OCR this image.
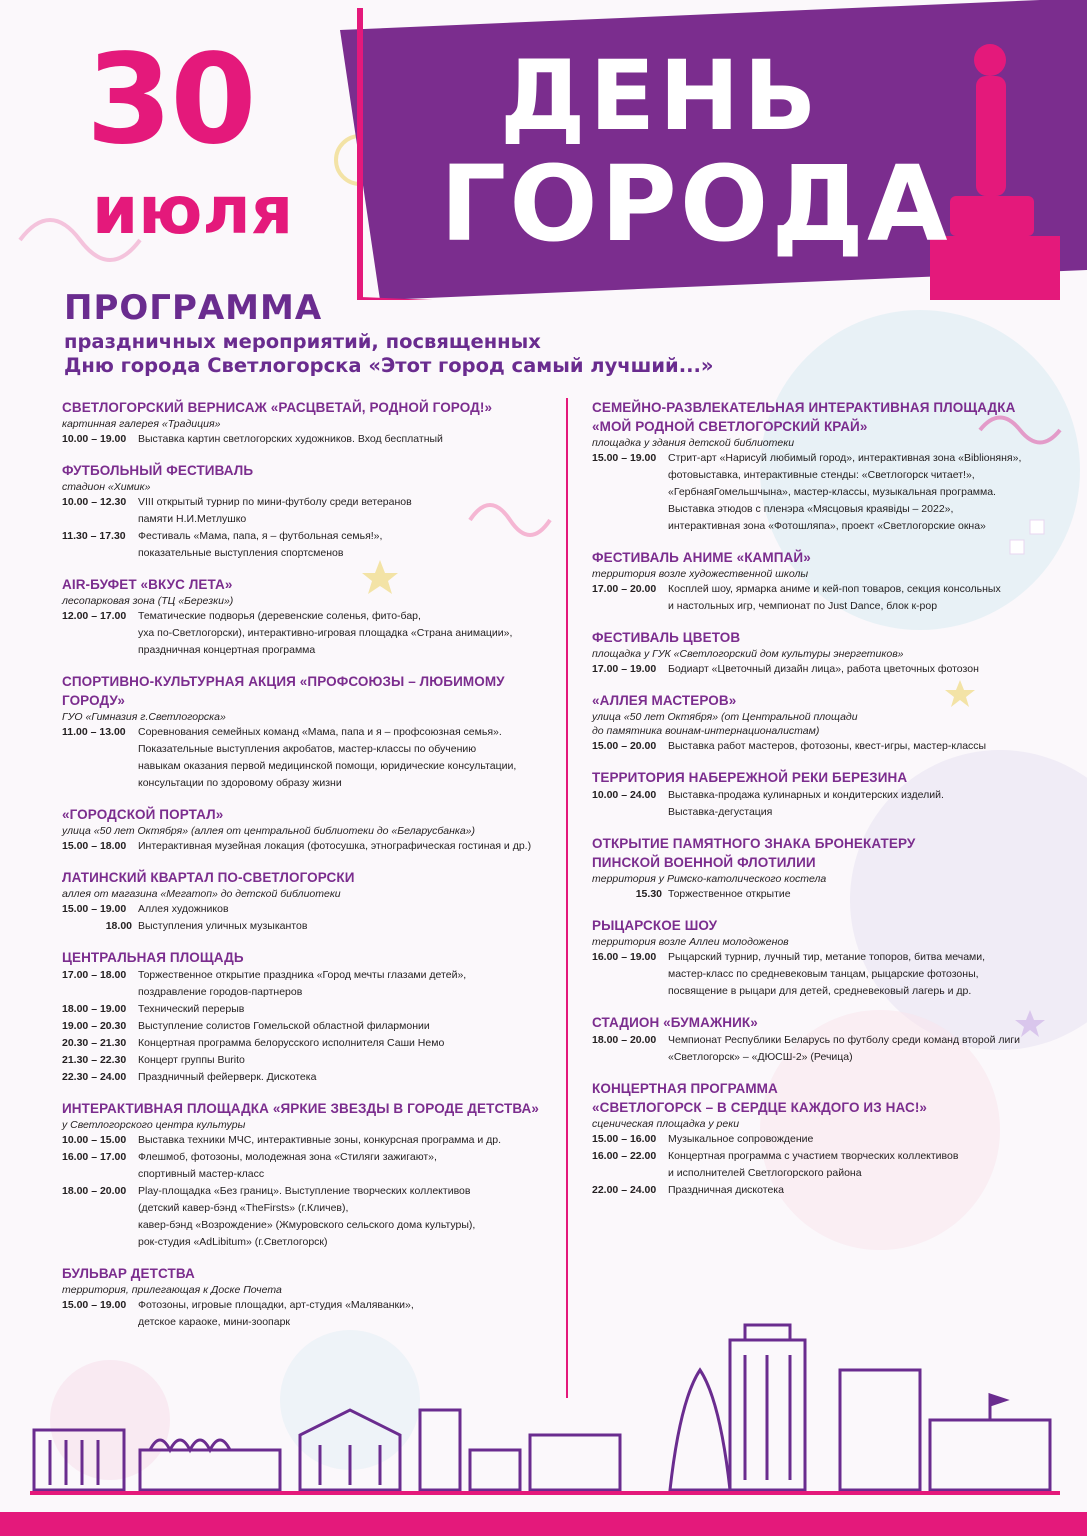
30
июля
ДЕНЬ
ГОРОДА
ПРОГРАММА
праздничных мероприятий, посвященных
Дню города Светлогорска «Этот город самый лучший...»
СВЕТЛОГОРСКИЙ ВЕРНИСАЖ «РАСЦВЕТАЙ, РОДНОЙ ГОРОД!»
картинная галерея «Традиция»
10.00 – 19.00	Выставка картин светлогорских художников. Вход бесплатный
ФУТБОЛЬНЫЙ ФЕСТИВАЛЬ
стадион «Химик»
10.00 – 12.30	VIII открытый турнир по мини-футболу среди ветеранов
памяти Н.И.Метлушко
11.30 – 17.30	Фестиваль «Мама, папа, я – футбольная семья!»,
показательные выступления спортсменов
AIR-БУФЕТ «ВКУС ЛЕТА»
лесопарковая зона (ТЦ «Березки»)
12.00 – 17.00	Тематические подворья (деревенские соленья, фито-бар,
уха по-Светлогорски), интерактивно-игровая площадка «Страна анимации»,
праздничная концертная программа
СПОРТИВНО-КУЛЬТУРНАЯ АКЦИЯ «ПРОФСОЮЗЫ – ЛЮБИМОМУ ГОРОДУ»
ГУО «Гимназия г.Светлогорска»
11.00 – 13.00	Соревнования семейных команд «Мама, папа и я – профсоюзная семья».
Показательные выступления акробатов, мастер-классы по обучению
навыкам оказания первой медицинской помощи, юридические консультации,
консультации по здоровому образу жизни
«ГОРОДСКОЙ ПОРТАЛ»
улица «50 лет Октября» (аллея от центральной библиотеки до «Беларусбанка»)
15.00 – 18.00	Интерактивная музейная локация (фотосушка, этнографическая гостиная и др.)
ЛАТИНСКИЙ КВАРТАЛ ПО-СВЕТЛОГОРСКИ
аллея от магазина «Мегатоп» до детской библиотеки
15.00 – 19.00	Аллея художников
18.00 Выступления уличных музыкантов
ЦЕНТРАЛЬНАЯ ПЛОЩАДЬ
17.00 – 18.00	Торжественное открытие праздника «Город мечты глазами детей»,
поздравление городов-партнеров
18.00 – 19.00	Технический перерыв
19.00 – 20.30	Выступление солистов Гомельской областной филармонии
20.30 – 21.30	Концертная программа белорусского исполнителя Саши Немо
21.30 – 22.30	Концерт группы Burito
22.30 – 24.00	Праздничный фейерверк. Дискотека
ИНТЕРАКТИВНАЯ ПЛОЩАДКА «ЯРКИЕ ЗВЕЗДЫ В ГОРОДЕ ДЕТСТВА»
у Светлогорского центра культуры
10.00 – 15.00	Выставка техники МЧС, интерактивные зоны, конкурсная программа и др.
16.00 – 17.00	Флешмоб, фотозоны, молодежная зона «Стиляги зажигают»,
спортивный мастер-класс
18.00 – 20.00	Play-площадка «Без границ». Выступление творческих коллективов
(детский кавер-бэнд «TheFirsts» (г.Кличев),
кавер-бэнд «Возрождение» (Жмуровского сельского дома культуры),
рок-студия «AdLibitum» (г.Светлогорск)
БУЛЬВАР ДЕТСТВА
территория, прилегающая к Доске Почета
15.00 – 19.00	Фотозоны, игровые площадки, арт-студия «Маляванки»,
детское караоке, мини-зоопарк
СЕМЕЙНО-РАЗВЛЕКАТЕЛЬНАЯ ИНТЕРАКТИВНАЯ ПЛОЩАДКА
«МОЙ РОДНОЙ СВЕТЛОГОРСКИЙ КРАЙ»
площадка у здания детской библиотеки
15.00 – 19.00	Стрит-арт «Нарисуй любимый город», интерактивная зона «Biblioняня»,
фотовыставка, интерактивные стенды: «Светлогорск читает!»,
«ГербнаяГомельшчына», мастер-классы, музыкальная программа.
Выставка этюдов с пленэра «Мясцовыя краявіды – 2022»,
интерактивная зона «Фотошляпа», проект «Светлогорские окна»
ФЕСТИВАЛЬ АНИМЕ «КАМПАЙ»
территория возле художественной школы
17.00 – 20.00	Косплей шоу, ярмарка аниме и кей-поп товаров, секция консольных
и настольных игр, чемпионат по Just Dance, блок к-рор
ФЕСТИВАЛЬ ЦВЕТОВ
площадка у ГУК «Светлогорский дом культуры энергетиков»
17.00 – 19.00	Бодиарт «Цветочный дизайн лица», работа цветочных фотозон
«АЛЛЕЯ МАСТЕРОВ»
улица «50 лет Октября» (от Центральной площади
до памятника воинам-интернационалистам)
15.00 – 20.00	Выставка работ мастеров, фотозоны, квест-игры, мастер-классы
ТЕРРИТОРИЯ НАБЕРЕЖНОЙ РЕКИ БЕРЕЗИНА
10.00 – 24.00	Выставка-продажа кулинарных и кондитерских изделий.
Выставка-дегустация
ОТКРЫТИЕ ПАМЯТНОГО ЗНАКА БРОНЕКАТЕРУ
ПИНСКОЙ ВОЕННОЙ ФЛОТИЛИИ
территория у Римско-католического костела
15.30 Торжественное открытие
РЫЦАРСКОЕ ШОУ
территория возле Аллеи молодоженов
16.00 – 19.00	Рыцарский турнир, лучный тир, метание топоров, битва мечами,
мастер-класс по средневековым танцам, рыцарские фотозоны,
посвящение в рыцари для детей, средневековый лагерь и др.
СТАДИОН «БУМАЖНИК»
18.00 – 20.00	Чемпионат Республики Беларусь по футболу среди команд второй лиги
«Светлогорск» – «ДЮСШ-2» (Речица)
КОНЦЕРТНАЯ ПРОГРАММА
«СВЕТЛОГОРСК – В СЕРДЦЕ КАЖДОГО ИЗ НАС!»
сценическая площадка у реки
15.00 – 16.00	Музыкальное сопровождение
16.00 – 22.00	Концертная программа с участием творческих коллективов
и исполнителей Светлогорского района
22.00 – 24.00	Праздничная дискотека
